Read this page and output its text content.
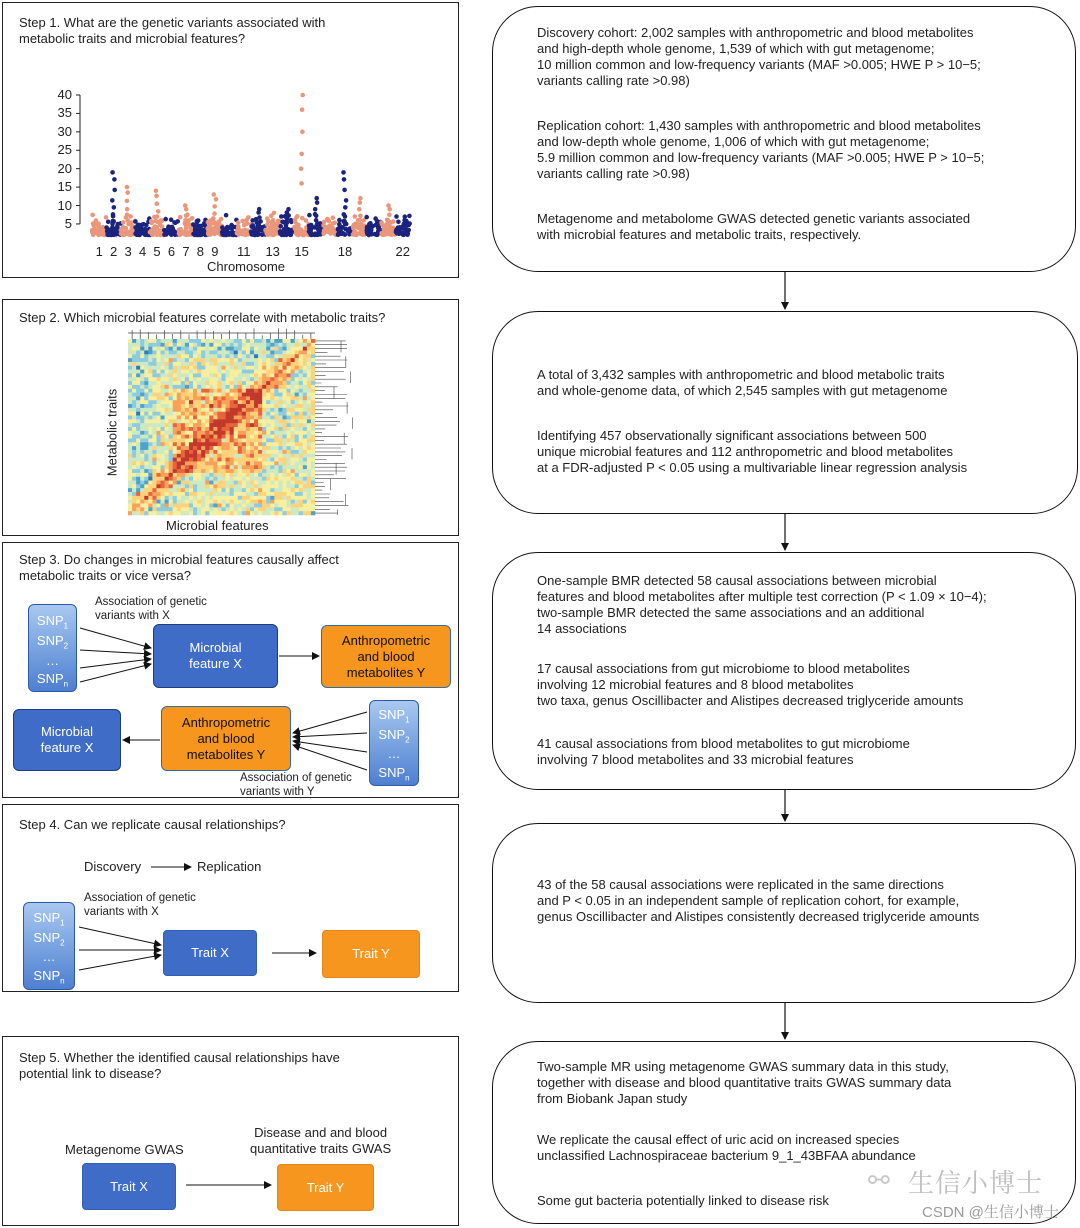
Step 1. What are the genetic variants associated with
metabolic traits and microbial features?
40
35
30
25
20
15
10
5
1 2 3 4 5 6 7 8 9	11	13	15	18	22
Chromosome
Step 2. Which microbial features correlate with metabolic traits?
Metabolic traits
Microbial features
Step 3. Do changes in microbial features causally affect
metabolic traits or vice versa?
Association of genetic
variants with X
$SNP_1$
$SNP_2$
…
$SNP_n$
Microbial
feature X
Anthropometric
and blood
metabolites Y
Microbial
feature X
Anthropometric
and blood
metabolites Y
$SNP_1$
$SNP_2$
…
$SNP_n$
Association of genetic
variants with Y
Step 4. Can we replicate causal relationships?
Discovery	Replication
Association of genetic
variants with X
$SNP_1$
$SNP_2$
…
$SNP_n$
Trait X	Trait Y
Step 5. Whether the identified causal relationships have
potential link to disease?
Metagenome GWAS
Disease and and blood
quantitative traits GWAS
Trait X	Trait Y
Discovery cohort: 2,002 samples with anthropometric and blood metabolites
and high-depth whole genome, 1,539 of which with gut metagenome;
10 million common and low-frequency variants (MAF >0.005; HWE P > 10−5;
variants calling rate >0.98)
Replication cohort: 1,430 samples with anthropometric and blood metabolites
and low-depth whole genome, 1,006 of which with gut metagenome;
5.9 million common and low-frequency variants (MAF >0.005; HWE P > 10−5;
variants calling rate >0.98)
Metagenome and metabolome GWAS detected genetic variants associated
with microbial features and metabolic traits, respectively.
A total of 3,432 samples with anthropometric and blood metabolic traits
and whole-genome data, of which 2,545 samples with gut metagenome
Identifying 457 observationally significant associations between 500
unique microbial features and 112 anthropometric and blood metabolites
at a FDR-adjusted P < 0.05 using a multivariable linear regression analysis
One-sample BMR detected 58 causal associations between microbial
features and blood metabolites after multiple test correction (P < 1.09 × 10−4);
two-sample BMR detected the same associations and an additional
14 associations
17 causal associations from gut microbiome to blood metabolites
involving 12 microbial features and 8 blood metabolites
two taxa, genus Oscillibacter and Alistipes decreased triglyceride amounts
41 causal associations from blood metabolites to gut microbiome
involving 7 blood metabolites and 33 microbial features
43 of the 58 causal associations were replicated in the same directions
and P < 0.05 in an independent sample of replication cohort, for example,
genus Oscillibacter and Alistipes consistently decreased triglyceride amounts
Two-sample MR using metagenome GWAS summary data in this study,
together with disease and blood quantitative traits GWAS summary data
from Biobank Japan study
We replicate the causal effect of uric acid on increased species
unclassified Lachnospiraceae bacterium 9_1_43BFAA abundance
Some gut bacteria potentially linked to disease risk
⚯ 生信小博士
CSDN @生信小博士
